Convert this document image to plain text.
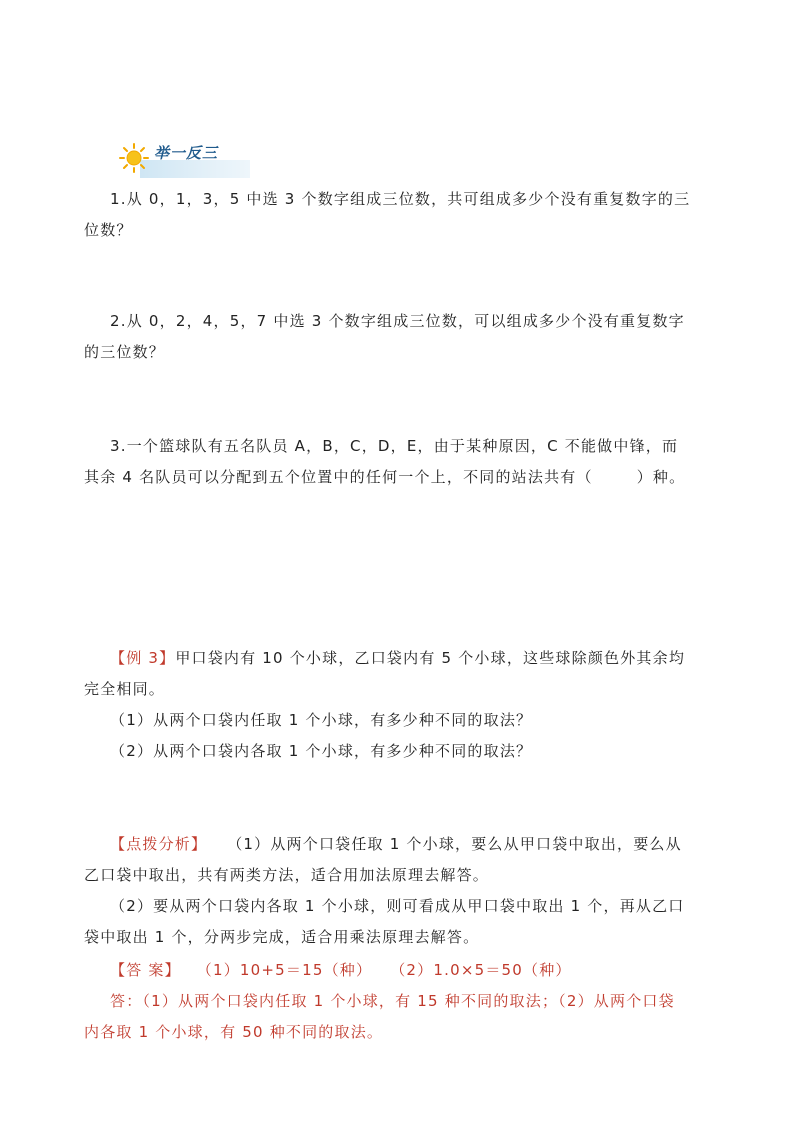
举一反三

1.从 0，1，3，5 中选 3 个数字组成三位数，共可组成多少个没有重复数字的三
位数？

2.从 0，2，4，5，7 中选 3 个数字组成三位数，可以组成多少个没有重复数字
的三位数？

3.一个篮球队有五名队员 A，B，C，D，E，由于某种原因，C 不能做中锋，而
其余 4 名队员可以分配到五个位置中的任何一个上，不同的站法共有（	）种。

【例 3】甲口袋内有 10 个小球，乙口袋内有 5 个小球，这些球除颜色外其余均
完全相同。
（1）从两个口袋内任取 1 个小球，有多少种不同的取法？
（2）从两个口袋内各取 1 个小球，有多少种不同的取法？

【点拨分析】 （1）从两个口袋任取 1 个小球，要么从甲口袋中取出，要么从
乙口袋中取出，共有两类方法，适合用加法原理去解答。
（2）要从两个口袋内各取 1 个小球，则可看成从甲口袋中取出 1 个，再从乙口
袋中取出 1 个，分两步完成，适合用乘法原理去解答。

【答 案】 （1）10+5＝15（种） （2）1.0×5＝50（种）
答：（1）从两个口袋内任取 1 个小球，有 15 种不同的取法；（2）从两个口袋
内各取 1 个小球，有 50 种不同的取法。
